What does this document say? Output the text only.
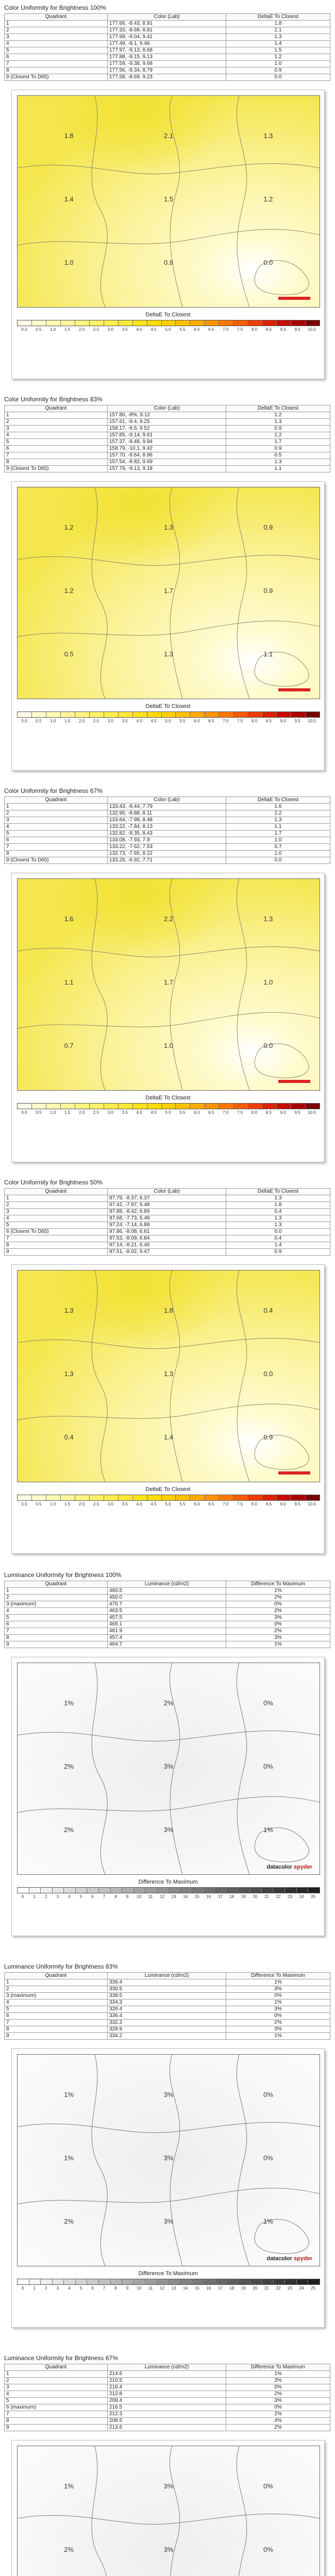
Color Uniformity for Brightness 100%
Quadrant	Color (Lab)	DeltaE To Closest
1	177.66, -8.43, 8.91	1.8
2	177.33, -8.68, 8.81	2.1
3	177.99, -9.04, 9.41	1.3
4	177.49, -8.1, 9.46	1.4
5	177.97, -9.13, 8.68	1.5
6	177.88, -9.15, 9.13	1.2
7	177.59, -9.38, 9.68	1.0
8	177.56, -9.34, 8.79	0.9
9 (Closest To D65)	177.58, -8.69, 9.23	0.0
1.8	2.1	1.3
1.4	1.5	1.2
1.0	0.9	0.0
DeltaE To Closest
0.0	0.5	1.0	1.5	2.0	2.5	3.0	3.5	4.0	4.5	5.0	5.5	6.0	6.5	7.0	7.5	8.0	8.5	9.0	9.5	10.0
Color Uniformity for Brightness 83%
Quadrant	Color (Lab)	DeltaE To Closest
1	157.80, -8%, 9.12	1.2
2	157.61, -9.4, 9.25	1.3
3	158.17, -9.5, 9.52	0.9
4	157.85, -9.14, 9.61	1.2
5	157.37, -9.48, 9.94	1.7
6	158.79, -10.1, 9.42	0.9
7	157.70, -9.64, 8.86	0.5
8	157.54, -8.82, 9.69	1.3
9 (Closest To D65)	157.79, -9.13, 9.18	1.1
1.2	1.3	0.9
1.2	1.7	0.9
0.5	1.3	1.1
DeltaE To Closest
0.0	0.5	1.0	1.5	2.0	2.5	3.0	3.5	4.0	4.5	5.0	5.5	6.0	6.5	7.0	7.5	8.0	8.5	9.0	9.5	10.0
Color Uniformity for Brightness 67%
Quadrant	Color (Lab)	DeltaE To Closest
1	133.43, -8.44, 7.79	1.6
2	132.95, -8.88, 8.11	2.2
3	133.64, -7.99, 8.48	1.3
4	133.22, -7.84, 8.13	1.1
5	132.82, -8.35, 8.43	1.7
6	133.08, -7.93, 7.9	1.0
7	133.22, -7.62, 7.53	0.7
8	132.73, -7.65, 8.22	1.0
9 (Closest To D65)	133.26, -6.92, 7.71	0.0
1.6	2.2	1.3
1.1	1.7	1.0
0.7	1.0	0.0
DeltaE To Closest
0.0	0.5	1.0	1.5	2.0	2.5	3.0	3.5	4.0	4.5	5.0	5.5	6.0	6.5	7.0	7.5	8.0	8.5	9.0	9.5	10.0
Color Uniformity for Brightness 50%
Quadrant	Color (Lab)	DeltaE To Closest
1	97.79, -8.37, 6.37	1.3
2	97.42, -7.97, 6.48	1.8
3	97.88, -8.42, 6.89	0.4
4	97.68, -7.73, 6.48	1.3
5	97.24, -7.14, 6.88	1.3
6 (Closest To D65)	97.86, -8.08, 6.61	0.0
7	97.53, -8.09, 6.84	0.4
8	97.14, -8.21, 6.46	1.4
9	97.51, -8.02, 6.47	0.9
1.3	1.8	0.4
1.3	1.3	0.0
0.4	1.4	0.9
DeltaE To Closest
0.0	0.5	1.0	1.5	2.0	2.5	3.0	3.5	4.0	4.5	5.0	5.5	6.0	6.5	7.0	7.5	8.0	8.5	9.0	9.5	10.0
Luminance Uniformity for Brightness 100%
Quadrant	Luminance (cd/m2)	Difference To Maximum
1	460.5	1%
2	450.0	2%
3 (maximum)	470.7	0%
4	463.5	2%
5	457.5	3%
6	465.1	0%
7	461.9	2%
8	457.4	3%
9	464.7	1%
1%	2%	0%
2%	3%	0%
2%	3%	1%
datacolor spyder
Difference To Maximum
0	1	2	3	4	5	6	7	8	9	10	11	12	13	14	15	16	17	18	19	20	21	22	23	24	25
Luminance Uniformity for Brightness 83%
Quadrant	Luminance (cd/m2)	Difference To Maximum
1	336.4	1%
2	330.5	3%
3 (maximum)	338.5	0%
4	334.3	1%
5	328.4	3%
6	336.4	0%
7	332.2	2%
8	328.9	3%
9	334.2	1%
1%	3%	0%
1%	3%	0%
2%	3%	1%
datacolor spyder
Difference To Maximum
0	1	2	3	4	5	6	7	8	9	10	11	12	13	14	15	16	17	18	19	20	21	22	23	24	25
Luminance Uniformity for Brightness 67%
Quadrant	Luminance (cd/m2)	Difference To Maximum
1	214.6	1%
2	210.5	3%
3	216.4	0%
4	212.8	2%
5	209.4	3%
6 (maximum)	216.5	0%
7	212.3	2%
8	208.5	4%
9	213.6	2%
1%	3%	0%
2%	3%	0%
